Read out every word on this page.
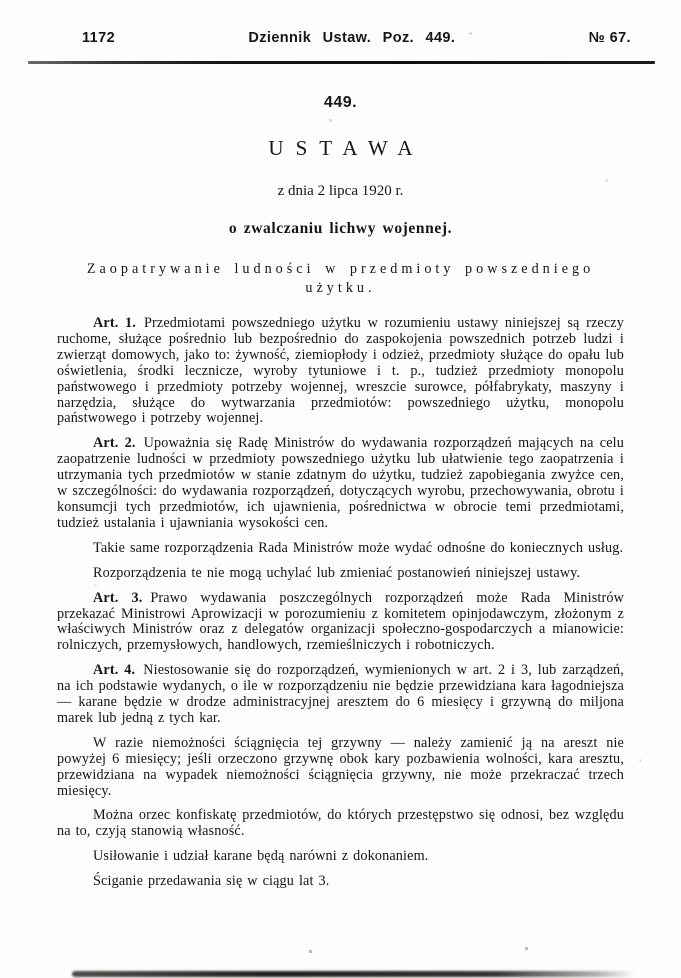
1172	Dziennik Ustaw. Poz. 449.	№ 67.
449.
USTAWA
z dnia 2 lipca 1920 r.
o zwalczaniu lichwy wojennej.
Zaopatrywanie ludności w przedmioty powszedniego użytku.

Art. 1. Przedmiotami powszedniego użytku w rozumieniu ustawy niniejszej są rzeczy ruchome, służące pośrednio lub bezpośrednio do zaspokojenia powszednich potrzeb ludzi i zwierząt domowych, jako to: żywność, ziemiopłody i odzież, przedmioty służące do opału lub oświetlenia, środki lecznicze, wyroby tytuniowe i t. p., tudzież przedmioty monopolu państwowego i przedmioty potrzeby wojennej, wreszcie surowce, półfabrykaty, maszyny i narzędzia, służące do wytwarzania przedmiotów: powszedniego użytku, monopolu państwowego i potrzeby wojennej.

Art. 2. Upoważnia się Radę Ministrów do wydawania rozporządzeń mających na celu zaopatrzenie ludności w przedmioty powszedniego użytku lub ułatwienie tego zaopatrzenia i utrzymania tych przedmiotów w stanie zdatnym do użytku, tudzież zapobiegania zwyżce cen, w szczególności: do wydawania rozporządzeń, dotyczących wyrobu, przechowywania, obrotu i konsumcji tych przedmiotów, ich ujawnienia, pośrednictwa w obrocie temi przedmiotami, tudzież ustalania i ujawniania wysokości cen.

Takie same rozporządzenia Rada Ministrów może wydać odnośne do koniecznych usług.

Rozporządzenia te nie mogą uchylać lub zmieniać postanowień niniejszej ustawy.

Art. 3. Prawo wydawania poszczególnych rozporządzeń może Rada Ministrów przekazać Ministrowi Aprowizacji w porozumieniu z komitetem opinjodawczym, złożonym z właściwych Ministrów oraz z delegatów organizacji społeczno-gospodarczych a mianowicie: rolniczych, przemysłowych, handlowych, rzemieślniczych i robotniczych.

Art. 4. Niestosowanie się do rozporządzeń, wymienionych w art. 2 i 3, lub zarządzeń, na ich podstawie wydanych, o ile w rozporządzeniu nie będzie przewidziana kara łagodniejsza — karane będzie w drodze administracyjnej aresztem do 6 miesięcy i grzywną do miljona marek lub jedną z tych kar.

W razie niemożności ściągnięcia tej grzywny — należy zamienić ją na areszt nie powyżej 6 miesięcy; jeśli orzeczono grzywnę obok kary pozbawienia wolności, kara aresztu, przewidziana na wypadek niemożności ściągnięcia grzywny, nie może przekraczać trzech miesięcy.

Można orzec konfiskatę przedmiotów, do których przestępstwo się odnosi, bez względu na to, czyją stanowią własność.

Usiłowanie i udział karane będą narówni z dokonaniem.

Ściganie przedawania się w ciągu lat 3.
